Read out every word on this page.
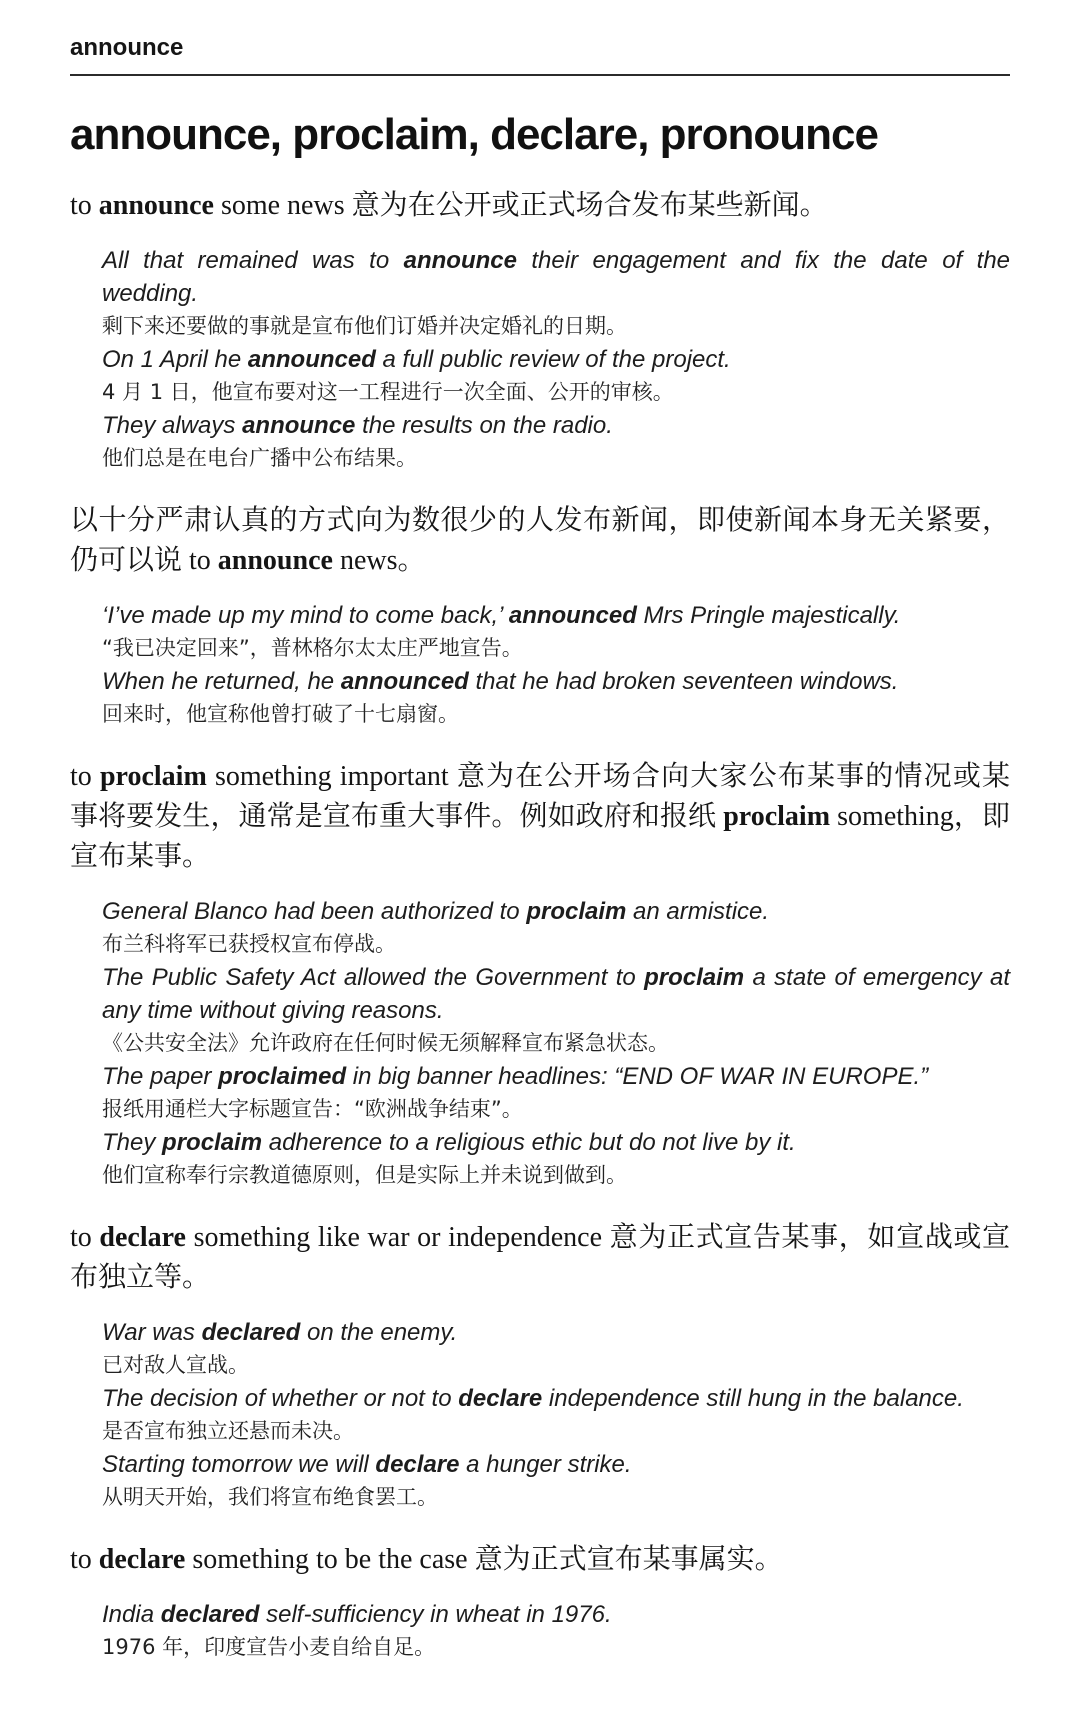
announce
announce, proclaim, declare, pronounce

to announce some news 意为在公开或正式场合发布某些新闻。

All that remained was to announce their engagement and fix the date of the wedding.

剩下来还要做的事就是宣布他们订婚并决定婚礼的日期。

On 1 April he announced a full public review of the project.

4 月 1 日，他宣布要对这一工程进行一次全面、公开的审核。

They always announce the results on the radio.

他们总是在电台广播中公布结果。

以十分严肃认真的方式向为数很少的人发布新闻，即使新闻本身无关紧要，仍可以说 to announce news。

‘I’ve made up my mind to come back,’ announced Mrs Pringle majestically.

“我已决定回来”，普林格尔太太庄严地宣告。

When he returned, he announced that he had broken seventeen windows.

回来时，他宣称他曾打破了十七扇窗。

to proclaim something important 意为在公开场合向大家公布某事的情况或某事将要发生，通常是宣布重大事件。例如政府和报纸 proclaim something，即宣布某事。

General Blanco had been authorized to proclaim an armistice.

布兰科将军已获授权宣布停战。

The Public Safety Act allowed the Government to proclaim a state of emergency at any time without giving reasons.

《公共安全法》允许政府在任何时候无须解释宣布紧急状态。

The paper proclaimed in big banner headlines: “END OF WAR IN EUROPE.”

报纸用通栏大字标题宣告：“欧洲战争结束”。

They proclaim adherence to a religious ethic but do not live by it.

他们宣称奉行宗教道德原则，但是实际上并未说到做到。

to declare something like war or independence 意为正式宣告某事，如宣战或宣布独立等。

War was declared on the enemy.

已对敌人宣战。

The decision of whether or not to declare independence still hung in the balance.

是否宣布独立还悬而未决。

Starting tomorrow we will declare a hunger strike.

从明天开始，我们将宣布绝食罢工。

to declare something to be the case 意为正式宣布某事属实。

India declared self-sufficiency in wheat in 1976.

1976 年，印度宣告小麦自给自足。
